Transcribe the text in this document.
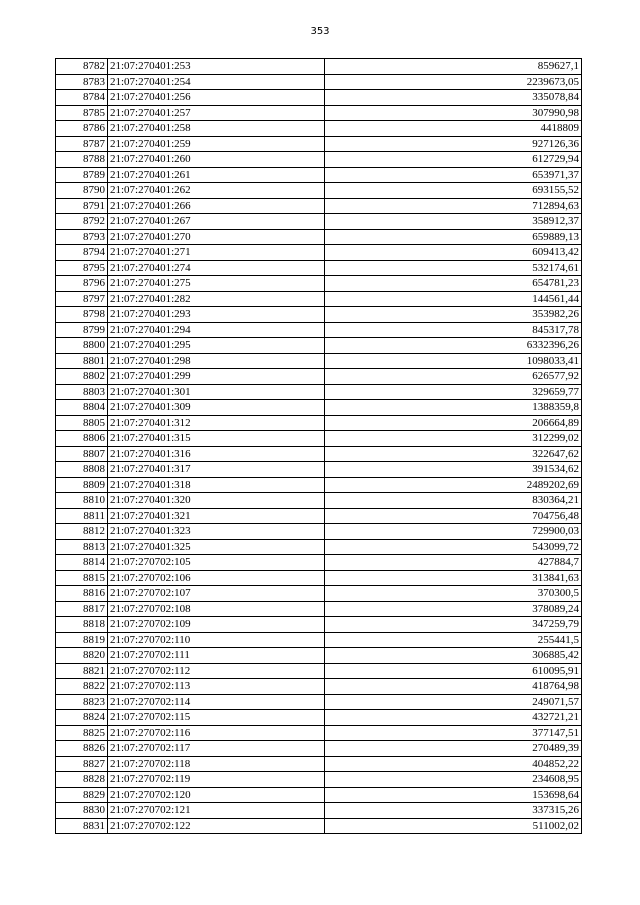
353
8782	21:07:270401:253	859627,1
8783	21:07:270401:254	2239673,05
8784	21:07:270401:256	335078,84
8785	21:07:270401:257	307990,98
8786	21:07:270401:258	4418809
8787	21:07:270401:259	927126,36
8788	21:07:270401:260	612729,94
8789	21:07:270401:261	653971,37
8790	21:07:270401:262	693155,52
8791	21:07:270401:266	712894,63
8792	21:07:270401:267	358912,37
8793	21:07:270401:270	659889,13
8794	21:07:270401:271	609413,42
8795	21:07:270401:274	532174,61
8796	21:07:270401:275	654781,23
8797	21:07:270401:282	144561,44
8798	21:07:270401:293	353982,26
8799	21:07:270401:294	845317,78
8800	21:07:270401:295	6332396,26
8801	21:07:270401:298	1098033,41
8802	21:07:270401:299	626577,92
8803	21:07:270401:301	329659,77
8804	21:07:270401:309	1388359,8
8805	21:07:270401:312	206664,89
8806	21:07:270401:315	312299,02
8807	21:07:270401:316	322647,62
8808	21:07:270401:317	391534,62
8809	21:07:270401:318	2489202,69
8810	21:07:270401:320	830364,21
8811	21:07:270401:321	704756,48
8812	21:07:270401:323	729900,03
8813	21:07:270401:325	543099,72
8814	21:07:270702:105	427884,7
8815	21:07:270702:106	313841,63
8816	21:07:270702:107	370300,5
8817	21:07:270702:108	378089,24
8818	21:07:270702:109	347259,79
8819	21:07:270702:110	255441,5
8820	21:07:270702:111	306885,42
8821	21:07:270702:112	610095,91
8822	21:07:270702:113	418764,98
8823	21:07:270702:114	249071,57
8824	21:07:270702:115	432721,21
8825	21:07:270702:116	377147,51
8826	21:07:270702:117	270489,39
8827	21:07:270702:118	404852,22
8828	21:07:270702:119	234608,95
8829	21:07:270702:120	153698,64
8830	21:07:270702:121	337315,26
8831	21:07:270702:122	511002,02
